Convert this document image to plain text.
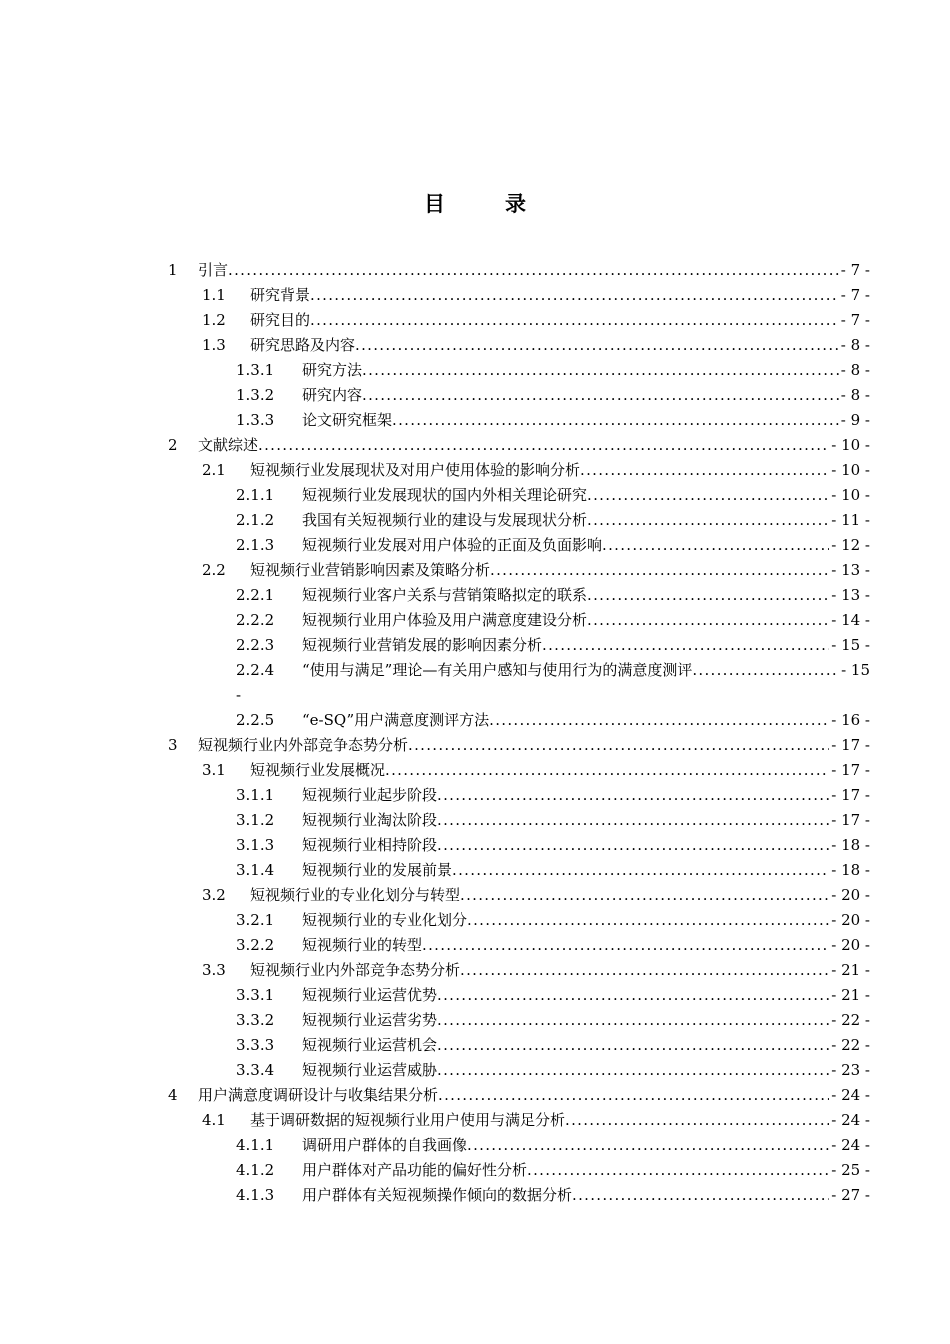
目	录
1	引言 .....	- 7 -
1.1	研究背景 .....	- 7 -
1.2	研究目的 .....	- 7 -
1.3	研究思路及内容 .....	- 8 -
1.3.1	研究方法 .....	- 8 -
1.3.2	研究内容 .....	- 8 -
1.3.3	论文研究框架 .....	- 9 -
2	文献综述 .....	- 10 -
2.1	短视频行业发展现状及对用户使用体验的影响分析 .....	- 10 -
2.1.1	短视频行业发展现状的国内外相关理论研究 .....	- 10 -
2.1.2	我国有关短视频行业的建设与发展现状分析 .....	- 11 -
2.1.3	短视频行业发展对用户体验的正面及负面影响 .....	- 12 -
2.2	短视频行业营销影响因素及策略分析 .....	- 13 -
2.2.1	短视频行业客户关系与营销策略拟定的联系 .....	- 13 -
2.2.2	短视频行业用户体验及用户满意度建设分析 .....	- 14 -
2.2.3	短视频行业营销发展的影响因素分析 .....	- 15 -
2.2.4	“使用与满足”理论—有关用户感知与使用行为的满意度测评 .....	- 15
-
2.2.5	“e-SQ”用户满意度测评方法 .....	- 16 -
3	短视频行业内外部竞争态势分析 .....	- 17 -
3.1	短视频行业发展概况 .....	- 17 -
3.1.1	短视频行业起步阶段 .....	- 17 -
3.1.2	短视频行业淘汰阶段 .....	- 17 -
3.1.3	短视频行业相持阶段 .....	- 18 -
3.1.4	短视频行业的发展前景 .....	- 18 -
3.2	短视频行业的专业化划分与转型 .....	- 20 -
3.2.1	短视频行业的专业化划分 .....	- 20 -
3.2.2	短视频行业的转型 .....	- 20 -
3.3	短视频行业内外部竞争态势分析 .....	- 21 -
3.3.1	短视频行业运营优势 .....	- 21 -
3.3.2	短视频行业运营劣势 .....	- 22 -
3.3.3	短视频行业运营机会 .....	- 22 -
3.3.4	短视频行业运营威胁 .....	- 23 -
4	用户满意度调研设计与收集结果分析 .....	- 24 -
4.1	基于调研数据的短视频行业用户使用与满足分析 .....	- 24 -
4.1.1	调研用户群体的自我画像 .....	- 24 -
4.1.2	用户群体对产品功能的偏好性分析 .....	- 25 -
4.1.3	用户群体有关短视频操作倾向的数据分析 .....	- 27 -
